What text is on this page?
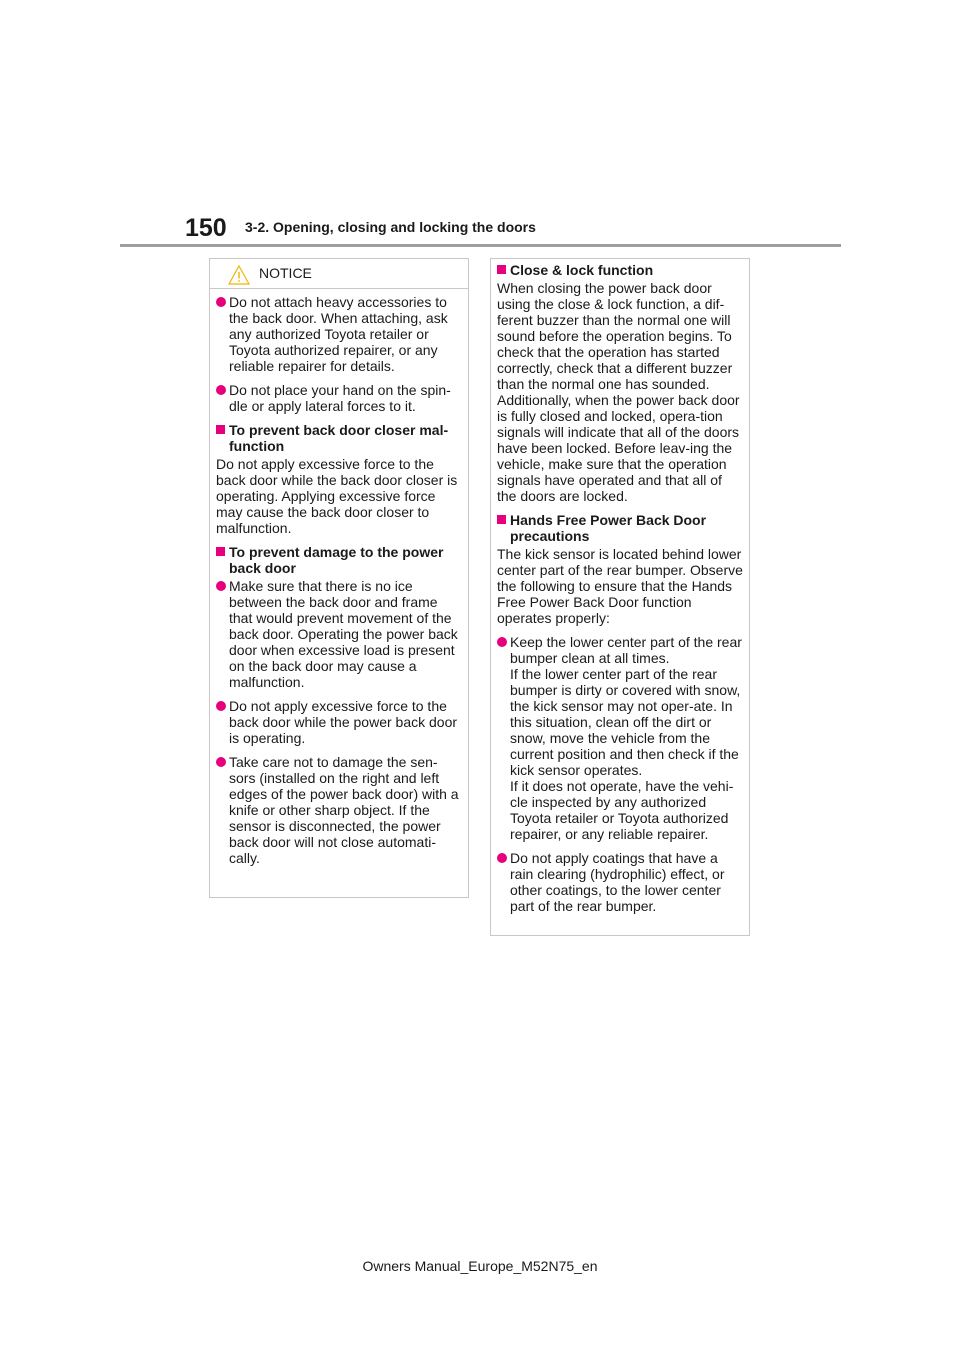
150 3-2. Opening, closing and locking the doors
NOTICE
Do not attach heavy accessories to the back door. When attaching, ask any authorized Toyota retailer or Toyota authorized repairer, or any reliable repairer for details.
Do not place your hand on the spin-dle or apply lateral forces to it.
To prevent back door closer mal-function
Do not apply excessive force to the back door while the back door closer is operating. Applying excessive force may cause the back door closer to malfunction.
To prevent damage to the power back door
Make sure that there is no ice between the back door and frame that would prevent movement of the back door. Operating the power back door when excessive load is present on the back door may cause a malfunction.
Do not apply excessive force to the back door while the power back door is operating.
Take care not to damage the sen-sors (installed on the right and left edges of the power back door) with a knife or other sharp object. If the sensor is disconnected, the power back door will not close automati-cally.
Close & lock function
When closing the power back door using the close & lock function, a dif-ferent buzzer than the normal one will sound before the operation begins. To check that the operation has started correctly, check that a different buzzer than the normal one has sounded. Additionally, when the power back door is fully closed and locked, opera-tion signals will indicate that all of the doors have been locked. Before leav-ing the vehicle, make sure that the operation signals have operated and that all of the doors are locked.
Hands Free Power Back Door precautions
The kick sensor is located behind lower center part of the rear bumper. Observe the following to ensure that the Hands Free Power Back Door function operates properly:
Keep the lower center part of the rear bumper clean at all times.
If the lower center part of the rear bumper is dirty or covered with snow, the kick sensor may not oper-ate. In this situation, clean off the dirt or snow, move the vehicle from the current position and then check if the kick sensor operates.
If it does not operate, have the vehi-cle inspected by any authorized Toyota retailer or Toyota authorized repairer, or any reliable repairer.
Do not apply coatings that have a rain clearing (hydrophilic) effect, or other coatings, to the lower center part of the rear bumper.
Owners Manual_Europe_M52N75_en
